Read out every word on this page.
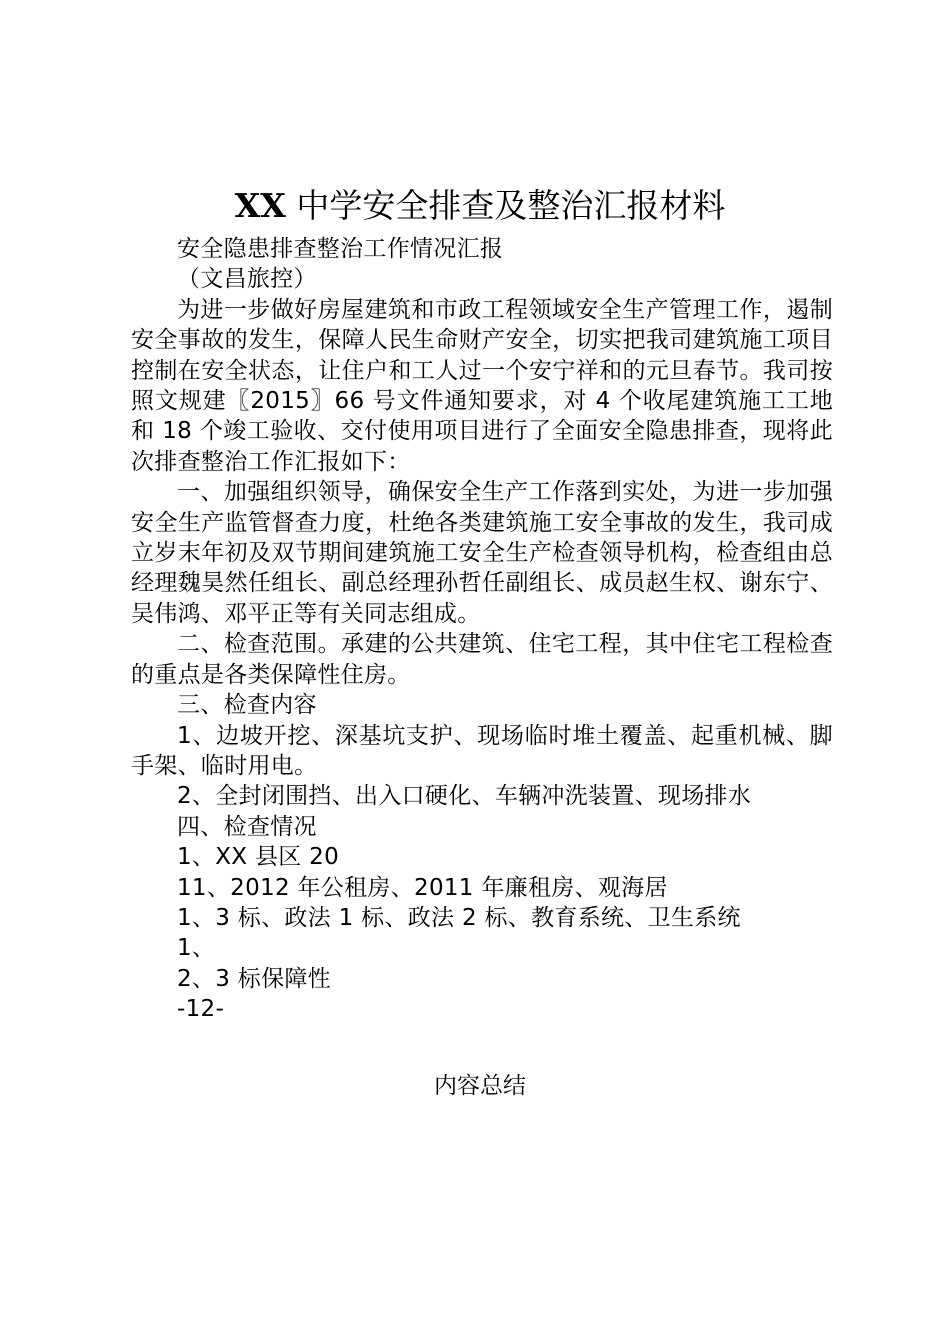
XX 中学安全排查及整治汇报材料

安全隐患排查整治工作情况汇报

（文昌旅控）

为进一步做好房屋建筑和市政工程领域安全生产管理工作，遏制安全事故的发生，保障人民生命财产安全，切实把我司建筑施工项目控制在安全状态，让住户和工人过一个安宁祥和的元旦春节。我司按照文规建〖2015〗66 号文件通知要求，对 4 个收尾建筑施工工地和 18 个竣工验收、交付使用项目进行了全面安全隐患排查，现将此次排查整治工作汇报如下：

一、加强组织领导，确保安全生产工作落到实处，为进一步加强安全生产监管督查力度，杜绝各类建筑施工安全事故的发生，我司成立岁末年初及双节期间建筑施工安全生产检查领导机构，检查组由总经理魏昊然任组长、副总经理孙哲任副组长、成员赵生权、谢东宁、吴伟鸿、邓平正等有关同志组成。

二、检查范围。承建的公共建筑、住宅工程，其中住宅工程检查的重点是各类保障性住房。

三、检查内容

1、边坡开挖、深基坑支护、现场临时堆土覆盖、起重机械、脚手架、临时用电。

2、全封闭围挡、出入口硬化、车辆冲洗装置、现场排水

四、检查情况

1、XX 县区 20

11、2012 年公租房、2011 年廉租房、观海居

1、3 标、政法 1 标、政法 2 标、教育系统、卫生系统

1、

2、3 标保障性

-12-

内容总结
